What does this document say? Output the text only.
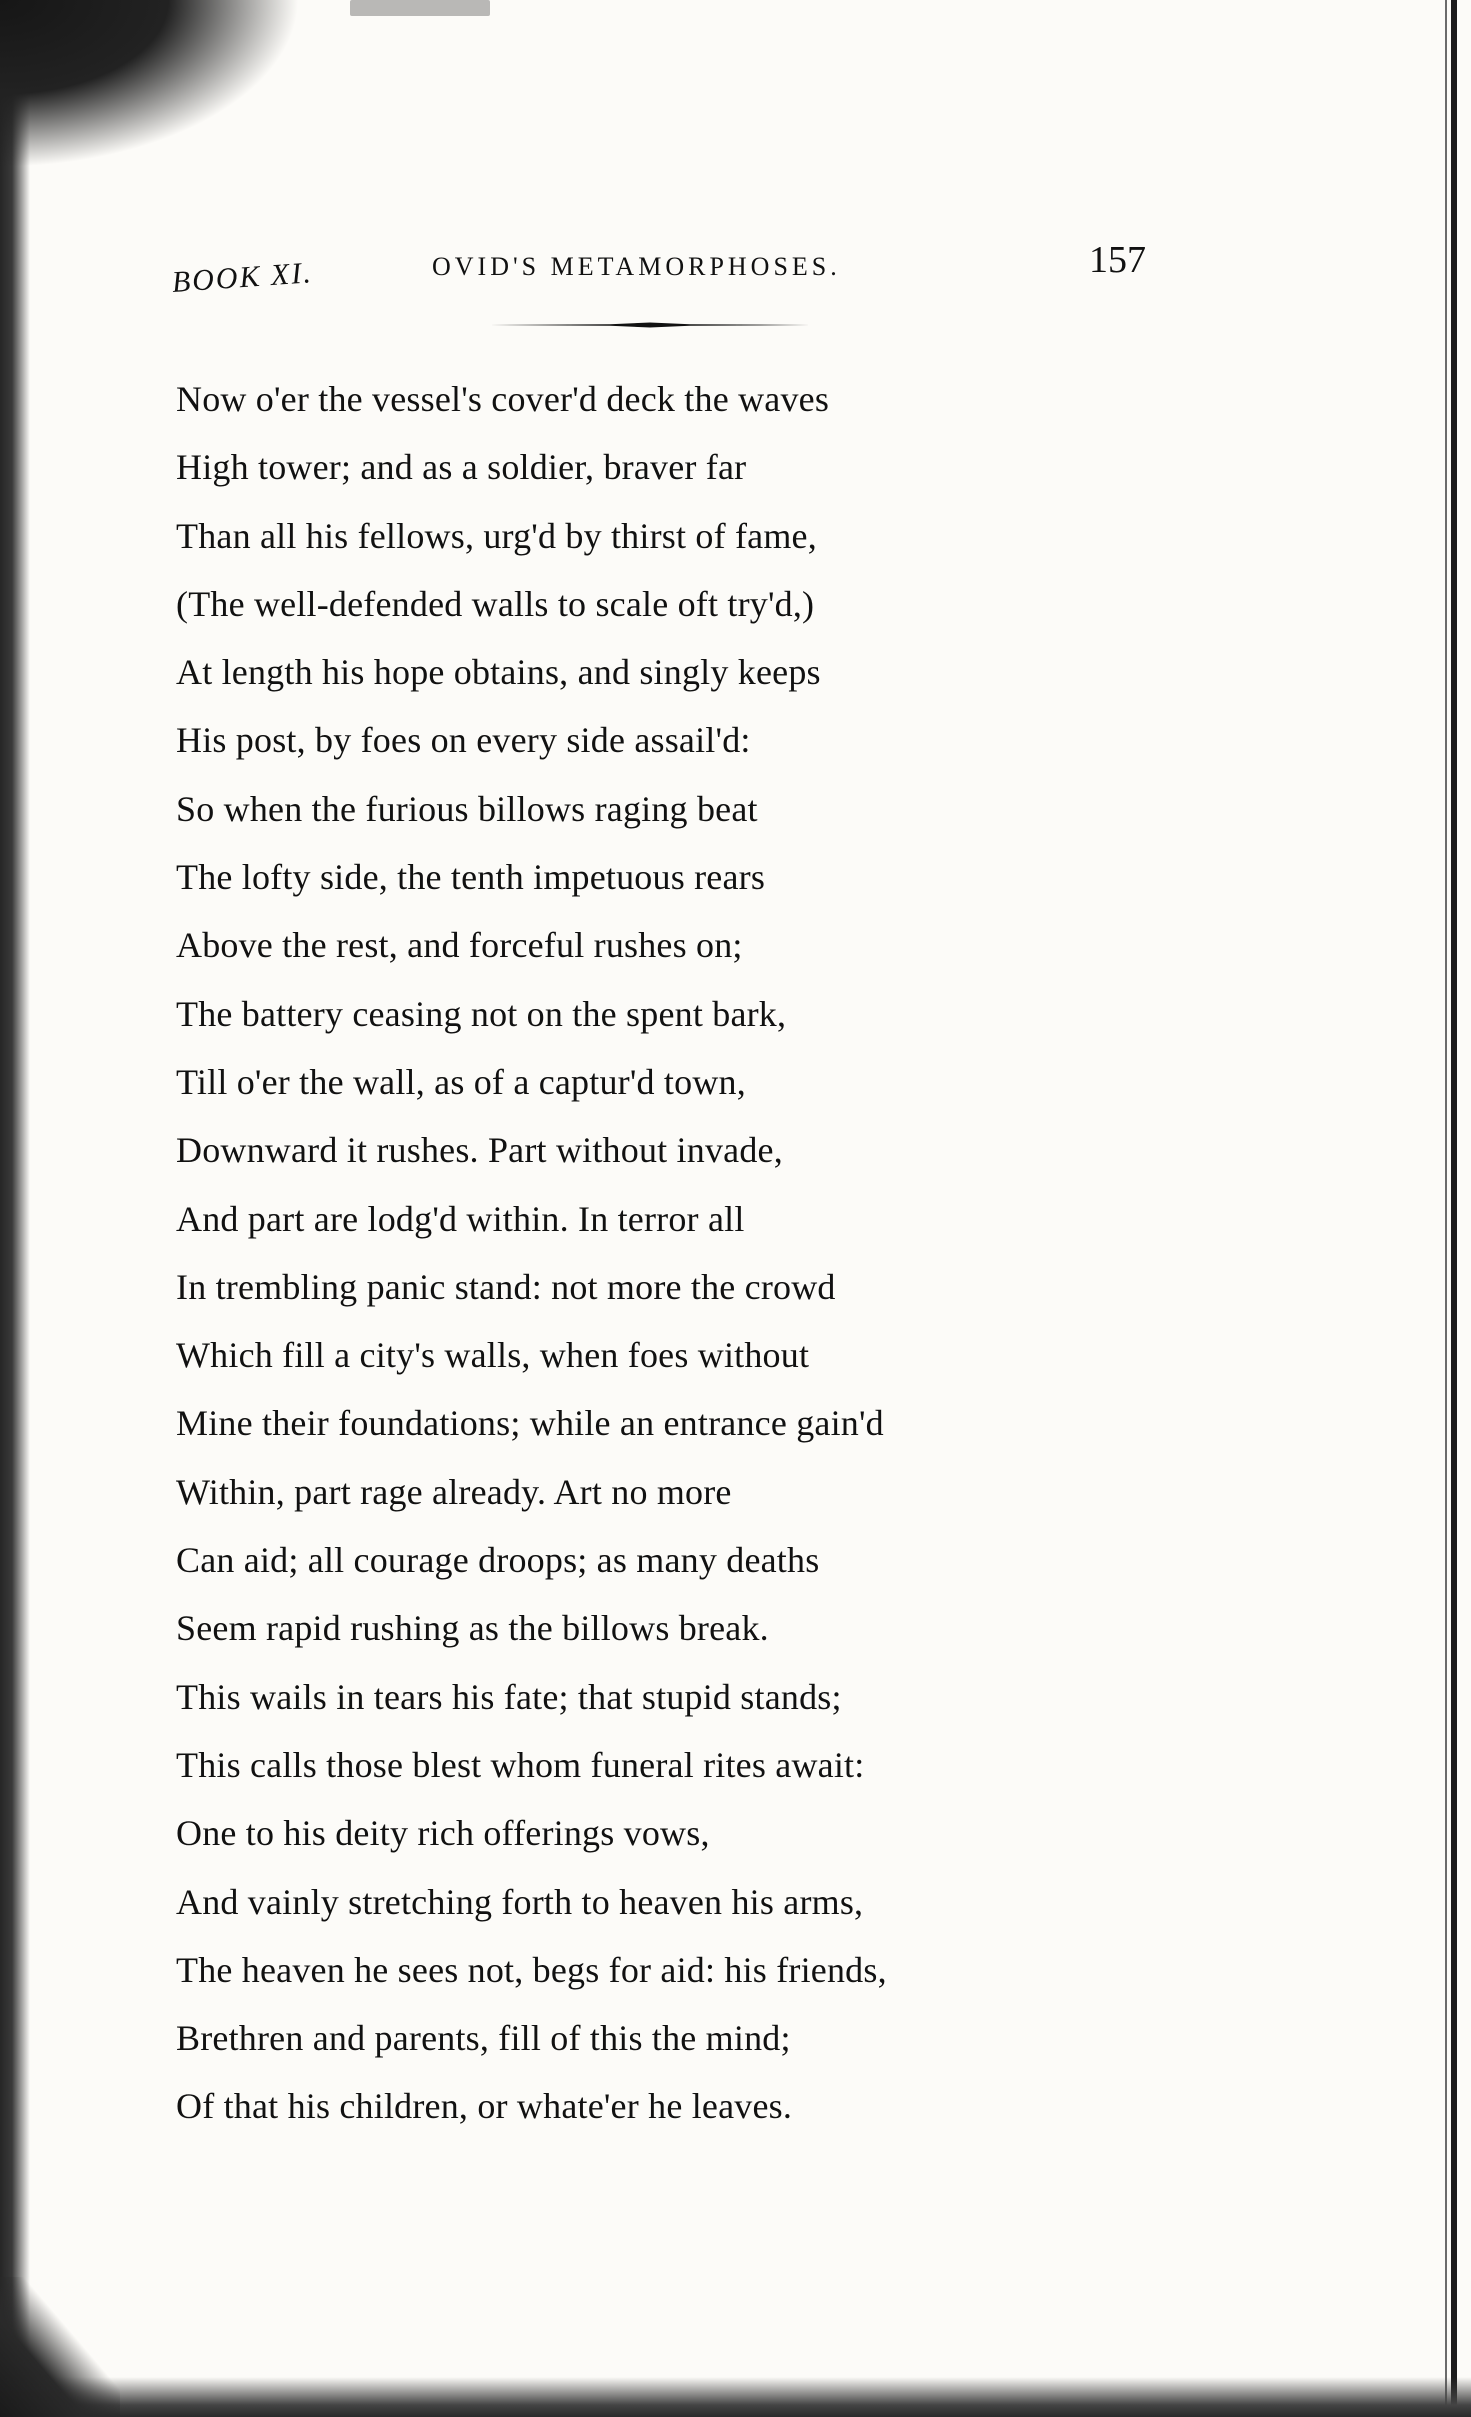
BOOK XI.	OVID'S METAMORPHOSES.	157
Now o'er the vessel's cover'd deck the waves
High tower; and as a soldier, braver far
Than all his fellows, urg'd by thirst of fame,
(The well-defended walls to scale oft try'd,)
At length his hope obtains, and singly keeps
His post, by foes on every side assail'd:
So when the furious billows raging beat
The lofty side, the tenth impetuous rears
Above the rest, and forceful rushes on;
The battery ceasing not on the spent bark,
Till o'er the wall, as of a captur'd town,
Downward it rushes. Part without invade,
And part are lodg'd within. In terror all
In trembling panic stand: not more the crowd
Which fill a city's walls, when foes without
Mine their foundations; while an entrance gain'd
Within, part rage already. Art no more
Can aid; all courage droops; as many deaths
Seem rapid rushing as the billows break.
This wails in tears his fate; that stupid stands;
This calls those blest whom funeral rites await:
One to his deity rich offerings vows,
And vainly stretching forth to heaven his arms,
The heaven he sees not, begs for aid: his friends,
Brethren and parents, fill of this the mind;
Of that his children, or whate'er he leaves.
